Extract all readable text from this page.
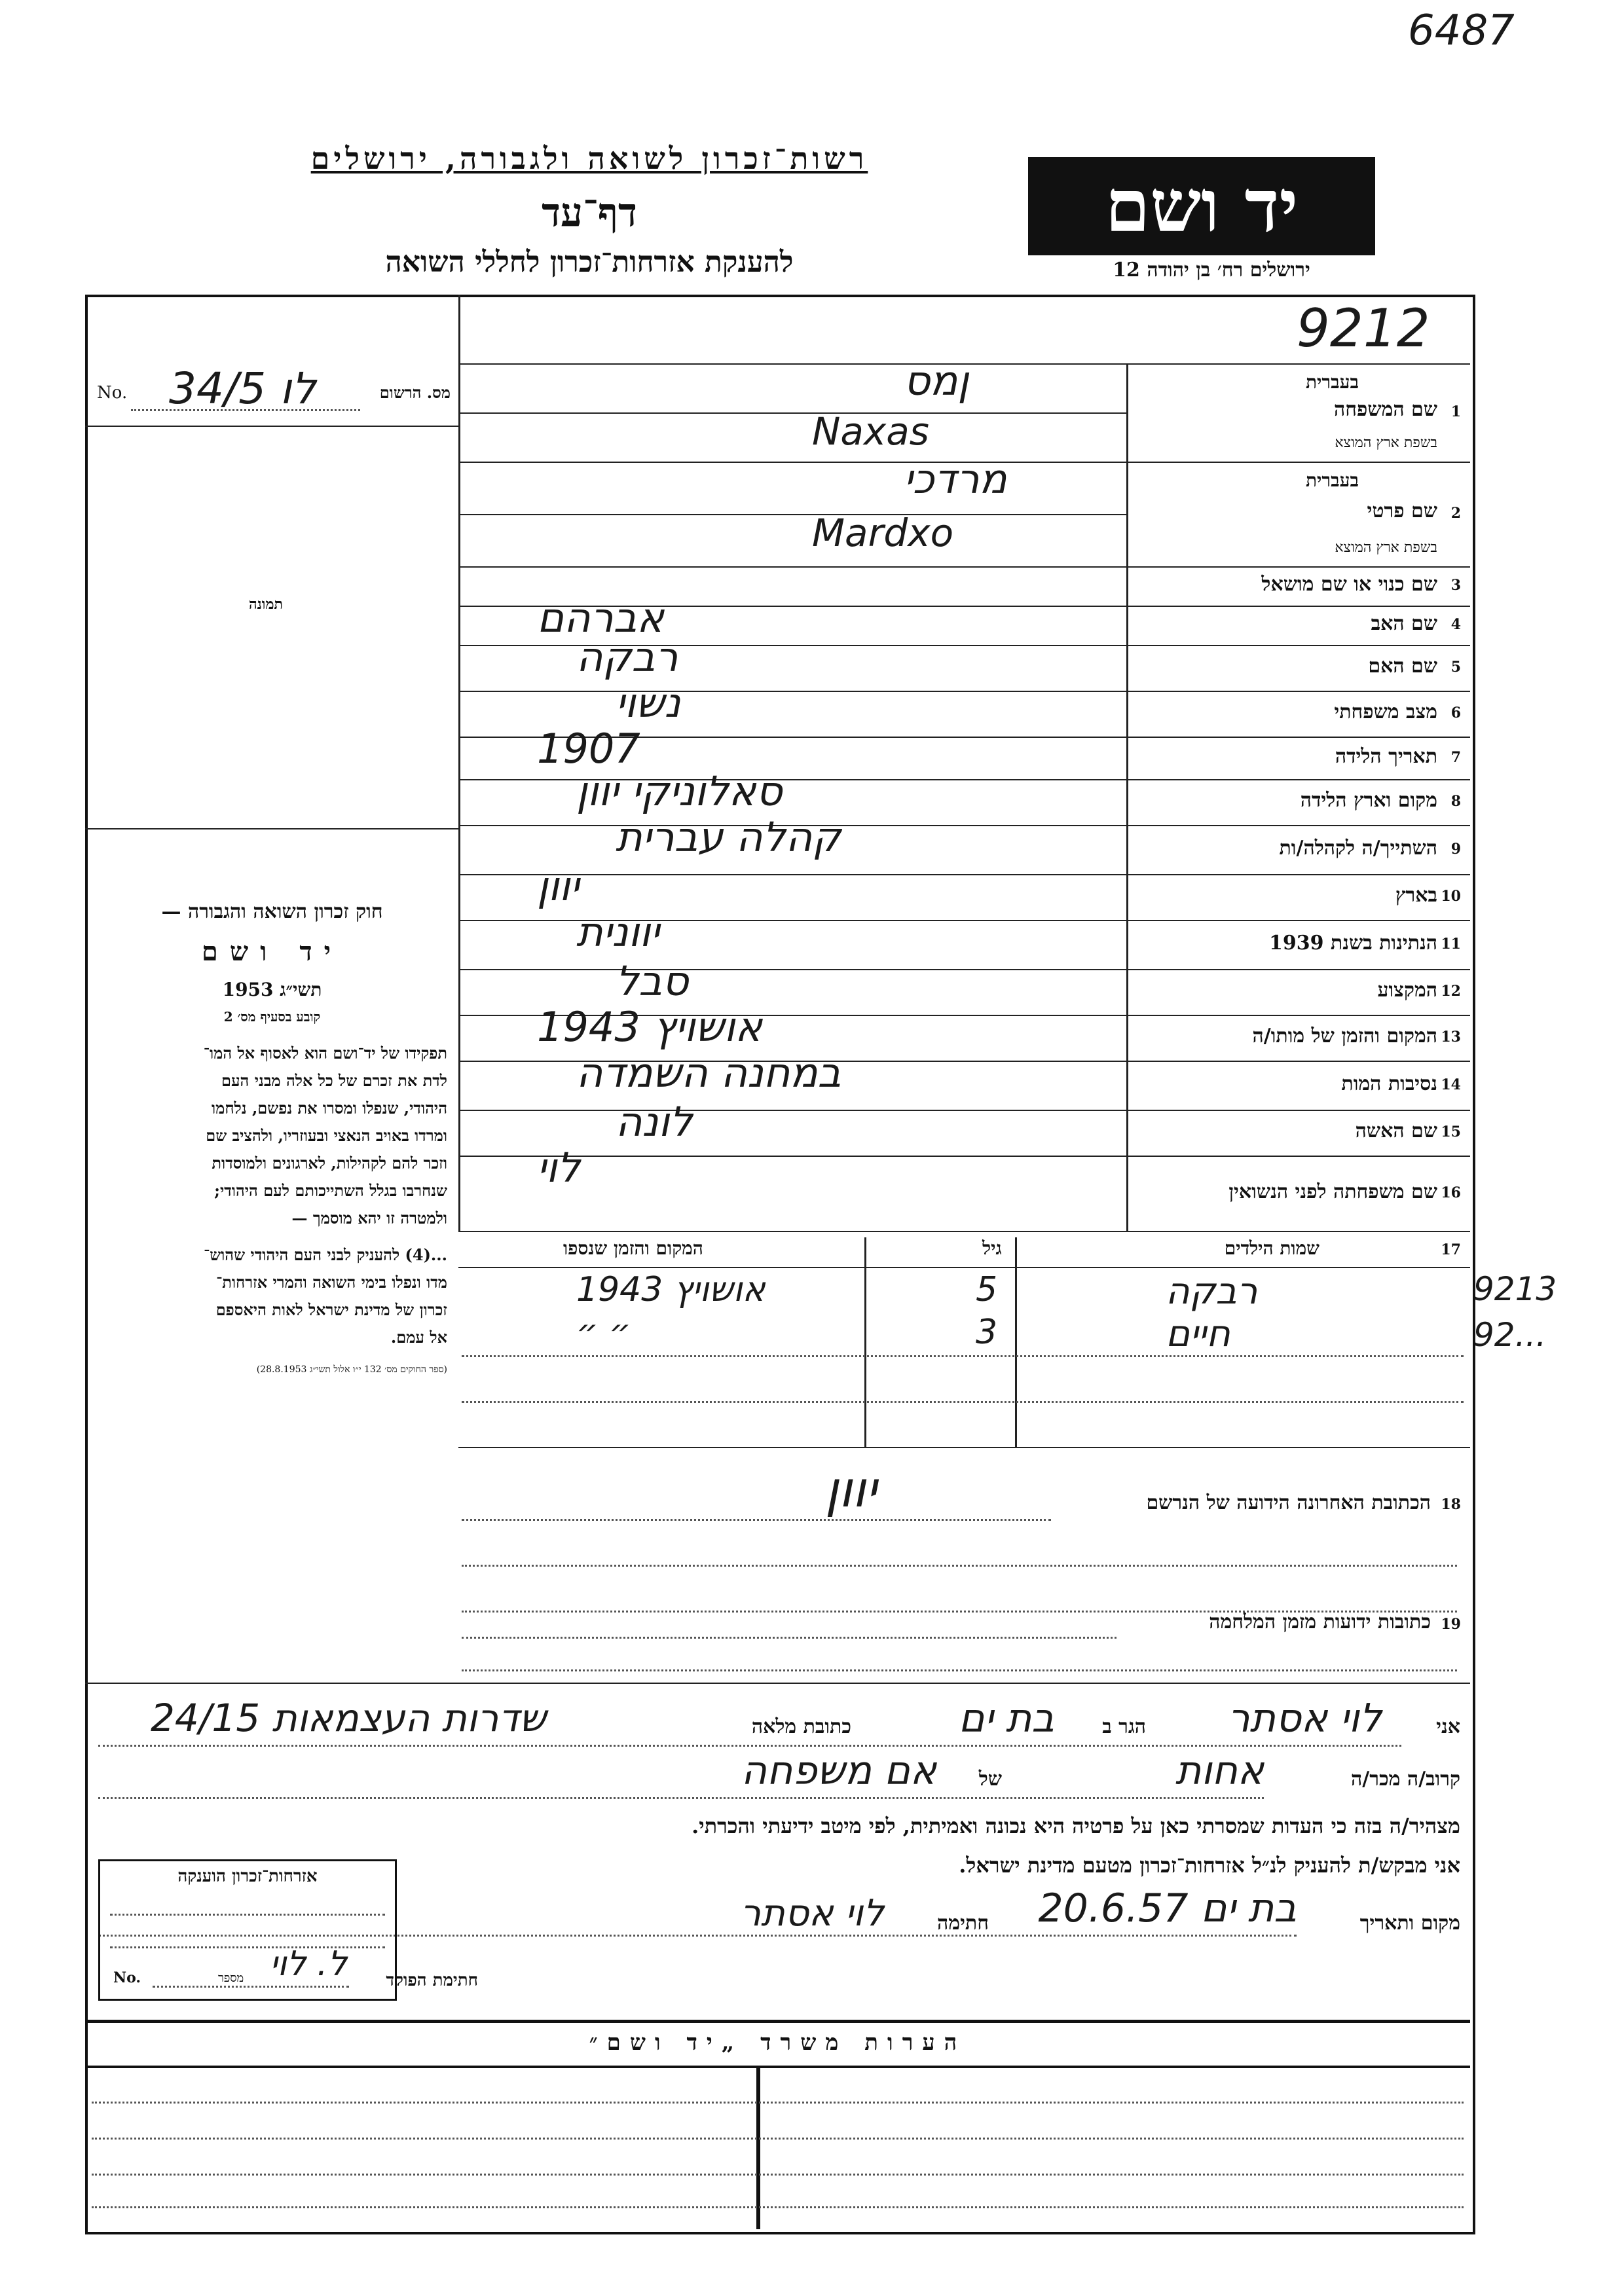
6487
רשות־זכרון לשואה ולגבורה, ירושלים
דף־עד
להענקת אזרחות־זכרון לחללי השואה
יד ושם
ירושלים רח׳ בן יהודה 12
9212
No. 34/5 לו	מס. הרשום
תמונה
חוק זכרון השואה והגבורה —
יד ושם
תשי״ג 1953
קובע בסעיף מס׳ 2
תפקידו של יד־ושם הוא לאסוף אל המו־
לדת את זכרם של כל אלה מבני העם
היהודי, שנפלו ומסרו את נפשם, נלחמו
ומרדו באויב הנאצי ובעוזריו, ולהציב שם
וזכר להם לקהילות, לארגונים ולמוסדות
שנחרבו בגלל השתייכותם לעם היהודי;
ולמטרה זו יהא מוסמך —
...(4) להעניק לבני העם היהודי שהוש־
מדו ונפלו בימי השואה והמרי אזרחות־
זכרון של מדינת ישראל לאות היאספם
אל עמם.
(ספר החוקים מס׳ 132 י״ו אלול תשי״ג 28.8.1953)
1
שם המשפחה
בעברית
בשפת ארץ המוצא
ןמס
Naxas
2
שם פרטי
בעברית
בשפת ארץ המוצא
מרדכי
Mardxo
3
שם כנוי או שם מושאל
4
שם האב
אברהם
5
שם האם
רבקה
6
מצב משפחתי
נשוי
7
תאריך הלידה
1907
8
מקום וארץ הלידה
סאלוניקי יוון
9
השתייך/ה לקהלה/ות
קהלה עברית
10
בארץ
יוון
11
הנתינות בשנת 1939
יוונית
12
המקצוע
סבל
13
המקום והזמן של מותו/ה
אושויץ 1943
14
נסיבות המות
במחנה השמדה
15
שם האשה
לונה
16
שם משפחתה לפני הנשואין
לוי
17
שמות הילדים
גיל
המקום והזמן שנספו
רבקה
5
אושויץ 1943
חיים
3
״ ״
9213
92...
18
הכתובת האחרונה הידועה של הנרשם
יוון
19
כתובות ידועות מזמן המלחמה
אני
לוי אסתר
הגר ב
בת ים
כתובת מלאה
שדרות העצמאות 24/15
קרוב/ה מכר/ה
אחות
של
אם משפחה
מצהיר/ה בזה כי העדות שמסרתי כאן על פרטיה היא נכונה ואמיתית, לפי מיטב ידיעתי והכרתי.
אני מבקש/ת להעניק לנ״ל אזרחות־זכרון מטעם מדינת ישראל.
מקום ותאריך
בת ים 20.6.57
חתימה
לוי אסתר
חתימת הפוקד
ל. לוי
אזרחות־זכרון הוענקה
No.	מספר
הערות משרד „יד ושם״
